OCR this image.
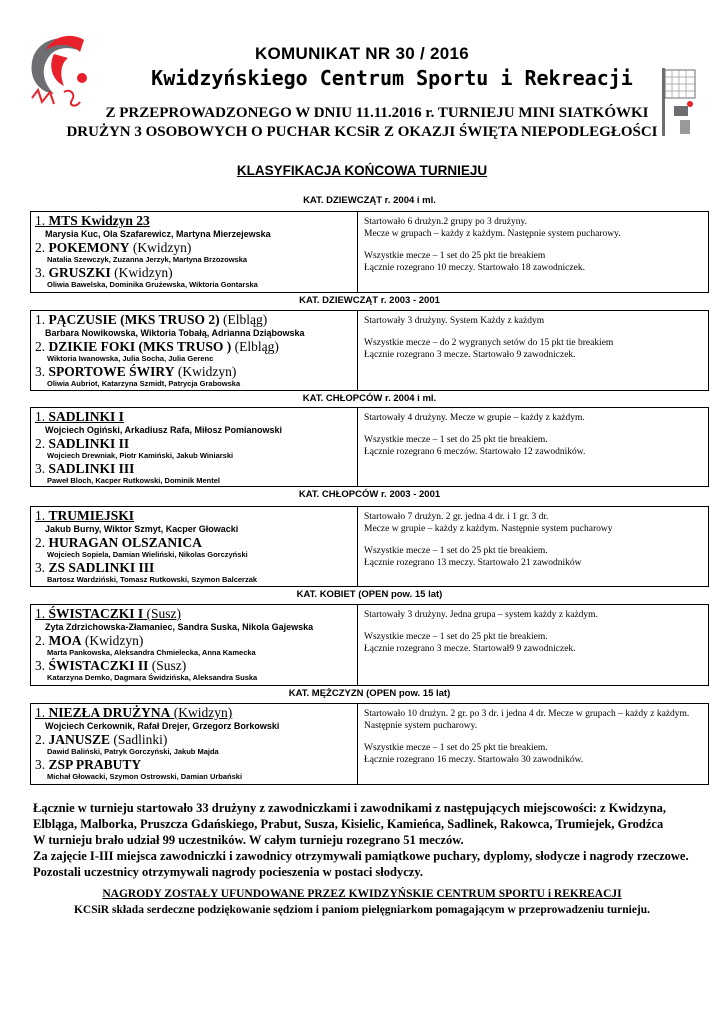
KOMUNIKAT NR 30 / 2016
Kwidzyńskiego Centrum Sportu i Rekreacji
Z PRZEPROWADZONEGO W DNIU 11.11.2016 r. TURNIEJU MINI SIATKÓWKI
DRUŻYN 3 OSOBOWYCH O PUCHAR KCSiR Z OKAZJI ŚWIĘTA NIEPODLEGŁOŚCI
KLASYFIKACJA KOŃCOWA TURNIEJU
KAT. DZIEWCZĄT r. 2004 i ml.
1. MTS Kwidzyn 23
Marysia Kuc, Ola Szafarewicz, Martyna Mierzejewska
2. POKEMONY (Kwidzyn)
Natalia Szewczyk, Zuzanna Jerzyk, Martyna Brzozowska
3. GRUSZKI (Kwidzyn)
Oliwia Bawelska, Dominika Grużewska, Wiktoria Gontarska
Startowało 6 drużyn.2 grupy po 3 drużyny.
Mecze w grupach – każdy z każdym. Następnie system pucharowy.
Wszystkie mecze – 1 set do 25 pkt tie breakiem
Łącznie rozegrano 10 meczy. Startowało 18 zawodniczek.
KAT. DZIEWCZĄT r. 2003 - 2001
1. PĄCZUSIE (MKS TRUSO 2) (Elbląg)
Barbara Nowikowska, Wiktoria Tobałą, Adrianna Dziąbowska
2. DZIKIE FOKI (MKS TRUSO ) (Elbląg)
Wiktoria Iwanowska, Julia Socha, Julia Gerenc
3. SPORTOWE ŚWIRY (Kwidzyn)
Oliwia Aubriot, Katarzyna Szmidt, Patrycja Grabowska
Startowały 3 drużyny. System Każdy z każdym
Wszystkie mecze – do 2 wygranych setów do 15 pkt tie breakiem
Łącznie rozegrano 3 mecze. Startowało 9 zawodniczek.
KAT. CHŁOPCÓW r. 2004 i ml.
1. SADLINKI I
Wojciech Ogiński, Arkadiusz Rafa, Miłosz Pomianowski
2. SADLINKI II
Wojciech Drewniak, Piotr Kamiński, Jakub Winiarski
3. SADLINKI III
Paweł Bloch, Kacper Rutkowski, Dominik Mentel
Startowały 4 drużyny. Mecze w grupie – każdy z każdym.
Wszystkie mecze – 1 set do 25 pkt tie breakiem.
Łącznie rozegrano 6 meczów. Startowało 12 zawodników.
KAT. CHŁOPCÓW r. 2003 - 2001
1. TRUMIEJSKI
Jakub Burny, Wiktor Szmyt, Kacper Głowacki
2. HURAGAN OLSZANICA
Wojciech Sopiela, Damian Wieliński, Nikolas Gorczyński
3. ZS SADLINKI III
Bartosz Wardziński, Tomasz Rutkowski, Szymon Balcerzak
Startowało 7 drużyn. 2 gr. jedna 4 dr. i 1 gr. 3 dr.
Mecze w grupie – każdy z każdym. Następnie system pucharowy
Wszystkie mecze – 1 set do 25 pkt tie breakiem.
Łącznie rozegrano 13 meczy. Startowało 21 zawodników
KAT. KOBIET (OPEN pow. 15 lat)
1. ŚWISTACZKI I (Susz)
Zyta Zdrzichowska-Złamaniec, Sandra Suska, Nikola Gajewska
2. MOA (Kwidzyn)
Marta Pankowska, Aleksandra Chmielecka, Anna Kamecka
3. ŚWISTACZKI II (Susz)
Katarzyna Demko, Dagmara Świdzińska, Aleksandra Suska
Startowały 3 drużyny. Jedna grupa – system każdy z każdym.
Wszystkie mecze – 1 set do 25 pkt tie breakiem.
Łącznie rozegrano 3 mecze. Startował9 9 zawodniczek.
KAT. MĘŻCZYZN (OPEN pow. 15 lat)
1. NIEZŁA DRUŻYNA (Kwidzyn)
Wojciech Cerkownik, Rafał Drejer, Grzegorz Borkowski
2. JANUSZE (Sadlinki)
Dawid Baliński, Patryk Gorczyński, Jakub Majda
3. ZSP PRABUTY
Michał Głowacki, Szymon Ostrowski, Damian Urbański
Startowało 10 drużyn. 2 gr. po 3 dr. i jedna 4 dr. Mecze w grupach – każdy z każdym.
Następnie system pucharowy.
Wszystkie mecze – 1 set do 25 pkt tie breakiem.
Łącznie rozegrano 16 meczy. Startowało 30 zawodników.
Łącznie w turnieju startowało 33 drużyny z zawodniczkami i zawodnikami z następujących miejscowości: z Kwidzyna, Elbląga, Malborka, Pruszcza Gdańskiego, Prabut, Susza, Kisielic, Kamieńca, Sadlinek, Rakowca, Trumiejek, Grodźca
W turnieju brało udział 99 uczestników. W całym turnieju rozegrano 51 meczów.
Za zajęcie I-III miejsca zawodniczki i zawodnicy otrzymywali pamiątkowe puchary, dyplomy, słodycze i nagrody rzeczowe.
Pozostali uczestnicy otrzymywali nagrody pocieszenia w postaci słodyczy.
NAGRODY ZOSTAŁY UFUNDOWANE PRZEZ KWIDZYŃSKIE CENTRUM SPORTU i REKREACJI
KCSiR składa serdeczne podziękowanie sędziom i paniom pielęgniarkom pomagającym w przeprowadzeniu turnieju.
